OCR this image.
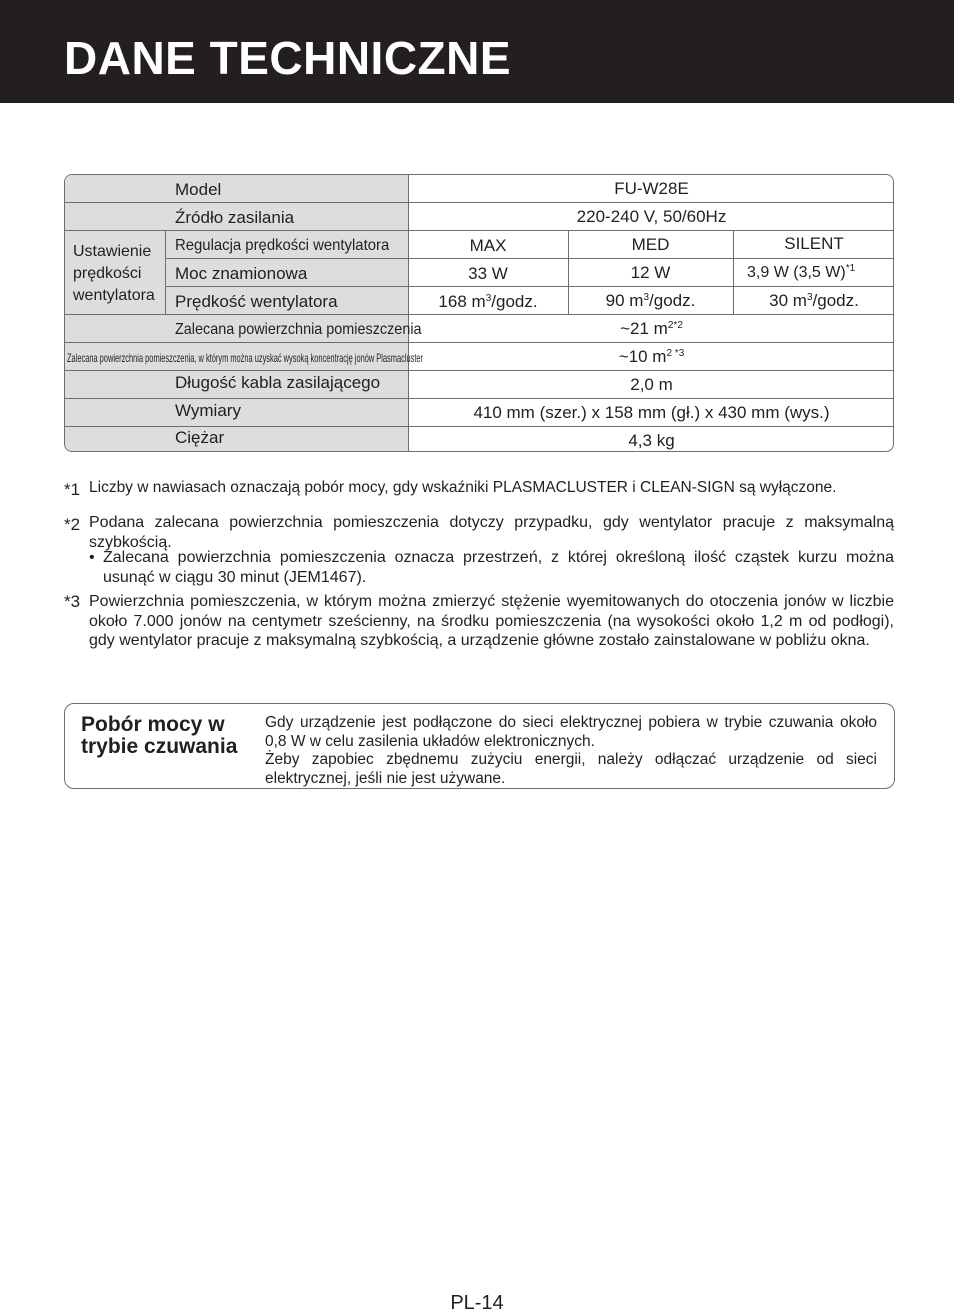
DANE TECHNICZNE
Ustawienie
prędkości
wentylatora
Model	FU-W28E
Źródło zasilania	220-240 V, 50/60Hz
Regulacja prędkości wentylatora	MAX	MED	SILENT
Moc znamionowa	33 W	12 W	3,9 W (3,5 W)$^{*1}$
Prędkość wentylatora	168 $m^3$/godz.	90 $m^3$/godz.	30 $m^3$/godz.
Zalecana powierzchnia pomieszczenia	~21 $m^{2*2}$
Zalecana powierzchnia pomieszczenia, w którym można uzyskać wysoką koncentrację jonów Plasmacluster	~10 $m^2$ $^{*3}$
Długość kabla zasilającego	2,0 m
Wymiary	410 mm (szer.) x 158 mm (gł.) x 430 mm (wys.)
Ciężar	4,3 kg
*1 Liczby w nawiasach oznaczają pobór mocy, gdy wskaźniki PLASMACLUSTER i CLEAN-SIGN są wyłączone.
*2 Podana zalecana powierzchnia pomieszczenia dotyczy przypadku, gdy wentylator pracuje z maksymalną szybkością.
• Zalecana powierzchnia pomieszczenia oznacza przestrzeń, z której określoną ilość cząstek kurzu można usunąć w ciągu 30 minut (JEM1467).
*3 Powierzchnia pomieszczenia, w którym można zmierzyć stężenie wyemitowanych do otoczenia jonów w liczbie około 7.000 jonów na centymetr sześcienny, na środku pomieszczenia (na wysokości około 1,2 m od podłogi), gdy wentylator pracuje z maksymalną szybkością, a urządzenie główne zostało zainstalowane w pobliżu okna.
Pobór mocy w trybie czuwania
Gdy urządzenie jest podłączone do sieci elektrycznej pobiera w trybie czuwania około 0,8 W w celu zasilenia układów elektronicznych.
Żeby zapobiec zbędnemu zużyciu energii, należy odłączać urządzenie od sieci elektrycznej, jeśli nie jest używane.
PL-14
